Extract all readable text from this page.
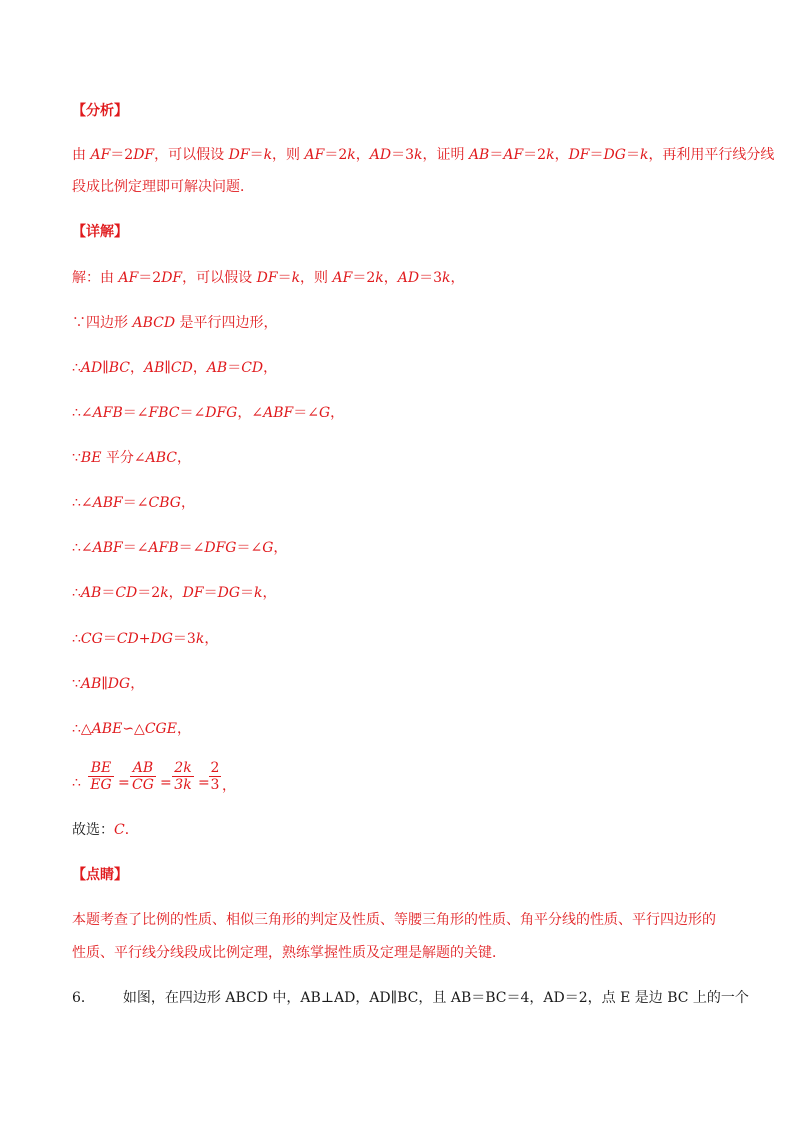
【分析】
由 AF＝2DF，可以假设 DF＝k，则 AF＝2k，AD＝3k，证明 AB＝AF＝2k，DF＝DG＝k，再利用平行线分线
段成比例定理即可解决问题．
【详解】
解：由 AF＝2DF，可以假设 DF＝k，则 AF＝2k，AD＝3k，
∵四边形 ABCD 是平行四边形，
∴AD∥BC，AB∥CD，AB＝CD，
∴∠AFB＝∠FBC＝∠DFG，∠ABF＝∠G，
∵BE 平分∠ABC，
∴∠ABF＝∠CBG，
∴∠ABF＝∠AFB＝∠DFG＝∠G，
∴AB＝CD＝2k，DF＝DG＝k，
∴CG＝CD+DG＝3k，
∵AB∥DG，
∴△ABE∽△CGE，
∴ $\frac{BE}{EG} = \frac{AB}{CG} = \frac{2k}{3k} = \frac{2}{3}$ ，
故选：C．
【点睛】
本题考查了比例的性质、相似三角形的判定及性质、等腰三角形的性质、角平分线的性质、平行四边形的
性质、平行线分线段成比例定理，熟练掌握性质及定理是解题的关键．
6． 如图，在四边形 ABCD 中，AB⊥AD，AD∥BC，且 AB＝BC＝4，AD＝2，点 E 是边 BC 上的一个
